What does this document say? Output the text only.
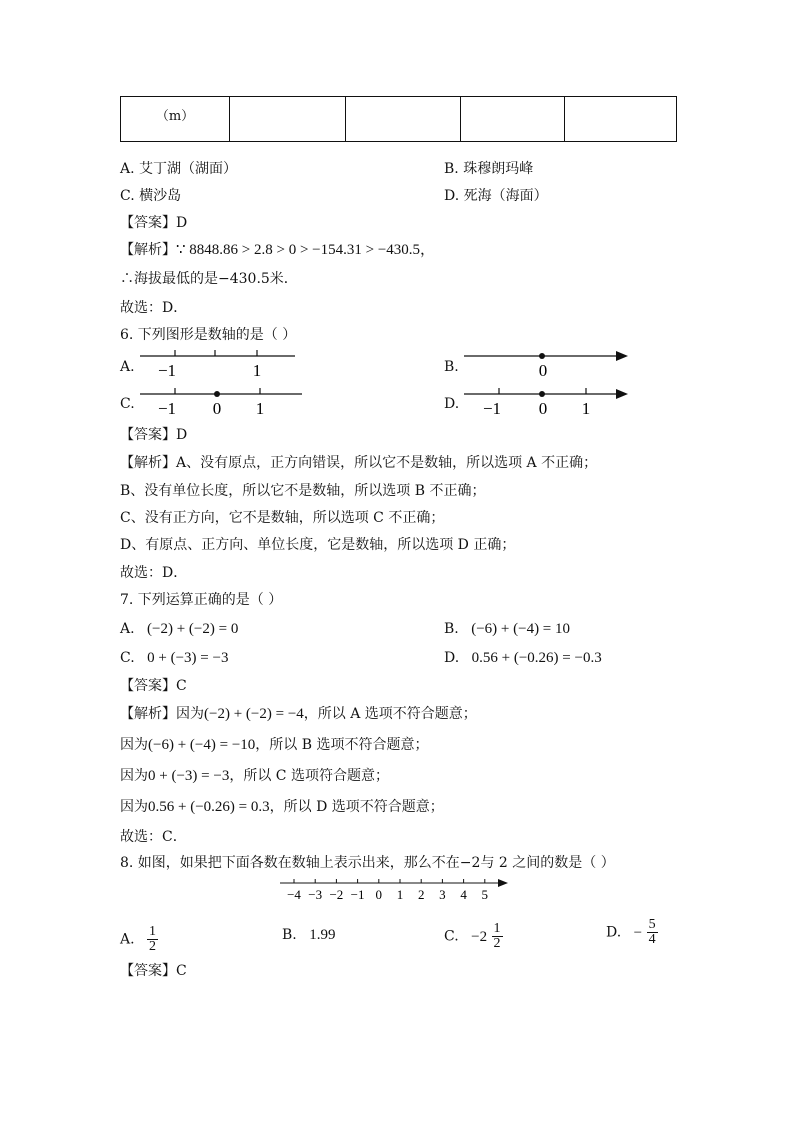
（m）				
A. 艾丁湖（湖面）	B. 珠穆朗玛峰
C. 横沙岛	D. 死海（海面）
【答案】D
【解析】∵ 8848.86 > 2.8 > 0 > −154.31 > −430.5，
∴海拔最低的是−430.5米．
故选：D．
6. 下列图形是数轴的是（ ）
A. −1	1	B.	0
C. −1 0 1	D. −1 0 1
【答案】D
【解析】A、没有原点，正方向错误，所以它不是数轴，所以选项 A 不正确；
B、没有单位长度，所以它不是数轴，所以选项 B 不正确；
C、没有正方向，它不是数轴，所以选项 C 不正确；
D、有原点、正方向、单位长度，它是数轴，所以选项 D 正确；
故选：D．
7. 下列运算正确的是（ ）
A. (−2) + (−2) = 0	B. (−6) + (−4) = 10
C. 0 + (−3) = −3	D. 0.56 + (−0.26) = −0.3
【答案】C
【解析】因为(−2) + (−2) = −4，所以 A 选项不符合题意；
因为(−6) + (−4) = −10，所以 B 选项不符合题意；
因为0 + (−3) = −3，所以 C 选项符合题意；
因为0.56 + (−0.26) = 0.3，所以 D 选项不符合题意；
故选：C．
8. 如图，如果把下面各数在数轴上表示出来，那么不在−2与 2 之间的数是（ ）
−4 −3 −2 −1 0 1 2 3 4 5
A. $\frac{1}{2}$	B. 1.99	C. $-2 \frac{1}{2}$	D. − $\frac{5}{4}$
【答案】C
